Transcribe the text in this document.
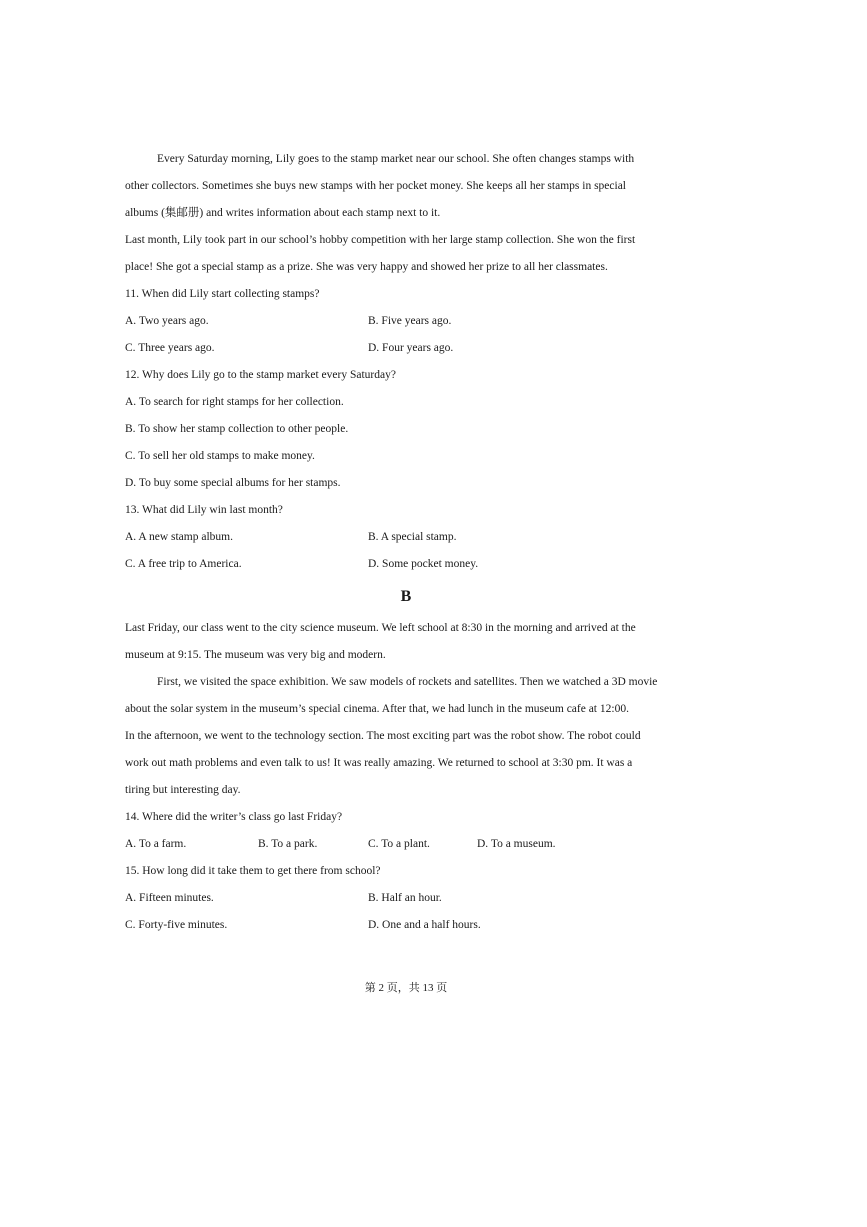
Every Saturday morning, Lily goes to the stamp market near our school. She often changes stamps with
other collectors. Sometimes she buys new stamps with her pocket money. She keeps all her stamps in special
albums (集邮册) and writes information about each stamp next to it.
Last month, Lily took part in our school’s hobby competition with her large stamp collection. She won the first
place! She got a special stamp as a prize. She was very happy and showed her prize to all her classmates.
11. When did Lily start collecting stamps?
A. Two years ago.	B. Five years ago.
C. Three years ago.	D. Four years ago.
12. Why does Lily go to the stamp market every Saturday?
A. To search for right stamps for her collection.
B. To show her stamp collection to other people.
C. To sell her old stamps to make money.
D. To buy some special albums for her stamps.
13. What did Lily win last month?
A. A new stamp album.	B. A special stamp.
C. A free trip to America.	D. Some pocket money.
B
Last Friday, our class went to the city science museum. We left school at 8:30 in the morning and arrived at the
museum at 9:15. The museum was very big and modern.
First, we visited the space exhibition. We saw models of rockets and satellites. Then we watched a 3D movie
about the solar system in the museum’s special cinema. After that, we had lunch in the museum cafe at 12:00.
In the afternoon, we went to the technology section. The most exciting part was the robot show. The robot could
work out math problems and even talk to us! It was really amazing. We returned to school at 3:30 pm. It was a
tiring but interesting day.
14. Where did the writer’s class go last Friday?
A. To a farm.	B. To a park.	C. To a plant.	D. To a museum.
15. How long did it take them to get there from school?
A. Fifteen minutes.	B. Half an hour.
C. Forty-five minutes.	D. One and a half hours.
第 2 页，共 13 页
